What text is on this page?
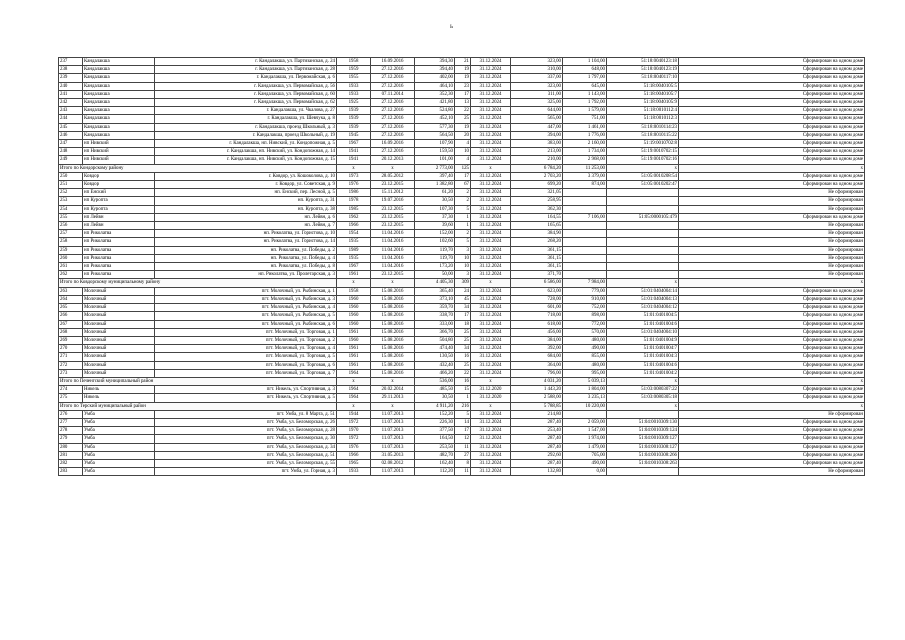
ь
237	Кандалакша	г. Кандалакша, ул. Партизанская, д. 24	1958	16.09.2016	394,30	21	31.12.2024	323,00	1 104,00	51:18:0040123:18	Сформирован на одном доме
238	Кандалакша	г. Кандалакша, ул. Партизанская, д. 28	1959	27.12.2016	394,40	19	31.12.2024	310,00	648,00	51:18:0040123:19	Сформирован на одном доме
239	Кандалакша	г. Кандалакша, ул. Первомайская, д. 6	1955	27.12.2016	402,00	19	31.12.2024	337,00	1 797,00	51:18:0040117:10	Сформирован на одном доме
240	Кандалакша	г. Кандалакша, ул. Первомайская, д. 56	1933	27.12.2016	464,10	23	31.12.2024	323,00	645,00	51:18:0040105:5	Сформирован на одном доме
241	Кандалакша	г. Кандалакша, ул. Первомайская, д. 60	1933	07.11.2014	352,30	17	31.12.2024	311,00	1 143,00	51:18:0040105:7	Сформирован на одном доме
242	Кандалакша	г. Кандалакша, ул. Первомайская, д. 62	1925	27.12.2016	421,80	13	31.12.2024	325,00	1 792,00	51:18:0040105:9	Сформирован на одном доме
243	Кандалакша	г. Кандалакша, ул. Чкалова, д. 27	1939	27.12.2016	524,80	22	31.12.2024	644,00	1 579,00	51:18:0010112:4	Сформирован на одном доме
244	Кандалакша	г. Кандалакша, ул. Шевчука, д. 8	1939	27.12.2016	452,10	25	31.12.2024	565,00	751,00	51:18:0010112:3	Сформирован на одном доме
245	Кандалакша	г. Кандалакша, проезд Школьный, д. 3	1939	27.12.2016	577,30	19	31.12.2024	447,00	1 461,00	51:18:0010114:23	Сформирован на одном доме
246	Кандалакша	г. Кандалакша, проезд Школьный, д. 19	1945	27.12.2016	564,50	20	31.12.2024	394,00	1 776,00	51:18:0010115:22	Сформирован на одном доме
247	нп Нивский	г. Кандалакша, нп. Нивский, ул. Кондопожная, д. 5	1967	16.09.2016	107,90	4	31.12.2024	383,00	2 160,00	51:19:0010702:8	Сформирован на одном доме
248	нп Нивский	г. Кандалакша, нп. Нивский, ул. Кондопожная, д. 14	1941	27.12.2016	159,50	10	31.12.2024	213,00	1 734,00	51:19:0010702:15	Сформирован на одном доме
249	нп Нивский	г. Кандалакша, нп. Нивский, ул. Кондопожная, д. 15	1941	20.12.2013	101,00	4	31.12.2024	210,00	2 968,00	51:19:0010702:16	Сформирован на одном доме
Итого по Кондорскому району			х	х	2 773,00	125	х	6 784,20	11 253,00	х	х
250	Ковдор	г. Ковдор, ул. Кошоколова, д. 10	1973	28.05.2012	397,40	17	31.12.2024	2 703,20	3 379,00	51:05:0010208:54	Сформирован на одном доме
251	Ковдор	г. Ковдор, ул. Советская, д. 9	1976	23.12.2015	1 382,80	67	31.12.2024	699,20	874,00	51:05:0010202:47	Сформирован на одном доме
252	нп Енский	нп. Енский, пер. Лесной, д. 5	1986	15.11.2012	61,20	2	31.12.2024	321,05			Не сформирован
253	нп Куропта	нп. Куропта, д. 31	1978	19.07.2016	30,50	2	31.12.2024	258,95			Не сформирован
254	нп Куропта	нп. Куропта, д. 38	1985	23.12.2015	107,30	5	31.12.2024	362,30			Не сформирован
255	нп Лейвн	нп. Лейвн, д. 6	1962	23.12.2015	37,30	1	31.12.2024	164,55	7 106,00	51:05:0000105:479	Сформирован на одном доме
256	нп Лейвн	нп. Лейвн, д. 7	1966	23.12.2015	39,60	1	31.12.2024	165,65			Не сформирован
257	нп Риколатва	нп. Риколатва, ул. Гористова, д. 10	1954	11.04.2016	152,00	2	31.12.2024	384,90			Не сформирован
258	нп Риколатва	нп. Риколатва, ул. Гористова, д. 14	1935	11.04.2016	102,60	5	31.12.2024	268,20			Не сформирован
259	нп Риколатва	нп. Риколатва, ул. Победы, д. 2	1989	11.04.2016	119,70	3	31.12.2024	361,15			Не сформирован
260	нп Риколатва	нп. Риколатва, ул. Победы, д. 4	1935	11.04.2016	119,70	10	31.12.2024	361,15			Не сформирован
261	нп Риколатва	нп. Риколатва, ул. Победы, д. 8	1967	11.04.2016	173,20	10	31.12.2024	361,15			Не сформирован
262	нп Риколатва	нп. Риколатва, ул. Пролетарская, д. 3	1961	23.12.2015	50,00	3	31.12.2024	371,70			Не сформирован
Итого по Ковдорскому муниципальному району			х	х	4 405,30	309	х	6 586,00	7 984,00	х	х
263	Молочный	пгт. Молочный, ул. Рыбинская, д. 1	1958	15.08.2016	365,40	24	31.12.2024	623,00	779,00	51:01:0404004:14	Сформирован на одном доме
264	Молочный	пгт. Молочный, ул. Рыбинская, д. 3	1960	15.08.2016	373,10	45	31.12.2024	728,00	910,00	51:01:0404004:13	Сформирован на одном доме
265	Молочный	пгт. Молочный, ул. Рыбинская, д. 4	1960	15.08.2016	359,70	34	31.12.2024	601,00	752,00	51:01:0404004:12	Сформирован на одном доме
266	Молочный	пгт. Молочный, ул. Рыбинская, д. 5	1960	15.08.2016	338,70	17	31.12.2024	718,00	898,00	51:01:0401004:5	Сформирован на одном доме
267	Молочный	пгт. Молочный, ул. Рыбинская, д. 6	1960	15.08.2016	333,00	18	31.12.2024	618,00	772,00	51:01:0401004:6	Сформирован на одном доме
268	Молочный	пгт. Молочный, ул. Торговая, д. 1	1961	15.08.2016	366,70	25	31.12.2024	456,00	570,00	51:01:0404004:10	Сформирован на одном доме
269	Молочный	пгт. Молочный, ул. Торговая, д. 2	1960	15.08.2016	504,80	25	31.12.2024	384,00	480,00	51:01:0401004:9	Сформирован на одном доме
270	Молочный	пгт. Молочный, ул. Торговая, д. 4	1961	15.08.2016	474,40	34	31.12.2024	392,00	490,00	51:01:0401004:7	Сформирован на одном доме
271	Молочный	пгт. Молочный, ул. Торговая, д. 5	1961	15.08.2016	130,50	16	31.12.2024	684,00	855,00	51:01:0401004:3	Сформирован на одном доме
272	Молочный	пгт. Молочный, ул. Торговая, д. 6	1961	15.08.2016	432,40	25	31.12.2024	364,00	480,00	51:01:0401004:6	Сформирован на одном доме
273	Молочный	пгт. Молочный, ул. Торговая, д. 7	1964	15.08.2016	466,20	22	31.12.2024	796,00	995,00	51:01:0401004:2	Сформирован на одном доме
Итого по Печенгский муниципальный район			х	х	536,00	16	х	4 031,20	5 039,13	х	х
274	Никель	пгт. Никель, ул. Спортивная, д. 3	1964	20.02.2014	485,50	15	31.12.2020	1 443,20	1 804,00	51:03:0080307:22	Сформирован на одном доме
275	Никель	пгт. Никель, ул. Спортивная, д. 5	1964	29.11.2013	30,50	1	31.12.2020	2 588,00	3 235,13	51:03:0080305:18	Сформирован на одном доме
Итого по Терский муниципальный район			х	х	4 911,20	216	х	5 788,85	10 220,00	х	х
276	Умба	пгт. Умба, ул. 8 Марта, д. 51	1944	11.07.2013	152,20	5	31.12.2024	214,80			Не сформирован
277	Умба	пгт. Умба, ул. Беломорская, д. 26	1972	11.07.2013	226,30	14	31.12.2024	287,40	2 059,00	51:04:0010309:130	Сформирован на одном доме
278	Умба	пгт. Умба, ул. Беломорская, д. 28	1970	11.07.2013	377,50	17	31.12.2024	253,40	1 547,00	51:04:0010309:124	Сформирован на одном доме
279	Умба	пгт. Умба, ул. Беломорская, д. 30	1972	11.07.2013	164,50	12	31.12.2024	287,40	1 974,00	51:04:0010309:127	Сформирован на одном доме
280	Умба	пгт. Умба, ул. Беломорская, д. 34	1976	11.07.2013	253,50	11	31.12.2024	287,40	1 479,00	51:04:0010308:127	Сформирован на одном доме
281	Умба	пгт. Умба, ул. Беломорская, д. 51	1966	31.05.2013	482,70	27	31.12.2024	292,60	705,00	51:04:0010308:266	Сформирован на одном доме
282	Умба	пгт. Умба, ул. Беломорская, д. 55	1965	02.08.2012	162,40	8	31.12.2024	287,40	490,00	51:04:0010308:263	Сформирован на одном доме
283	Умба	пгт. Умба, ул. Горная, д. 3	1933	11.07.2013	112,20	11	31.12.2024	132,80	0,00		Не сформирован
